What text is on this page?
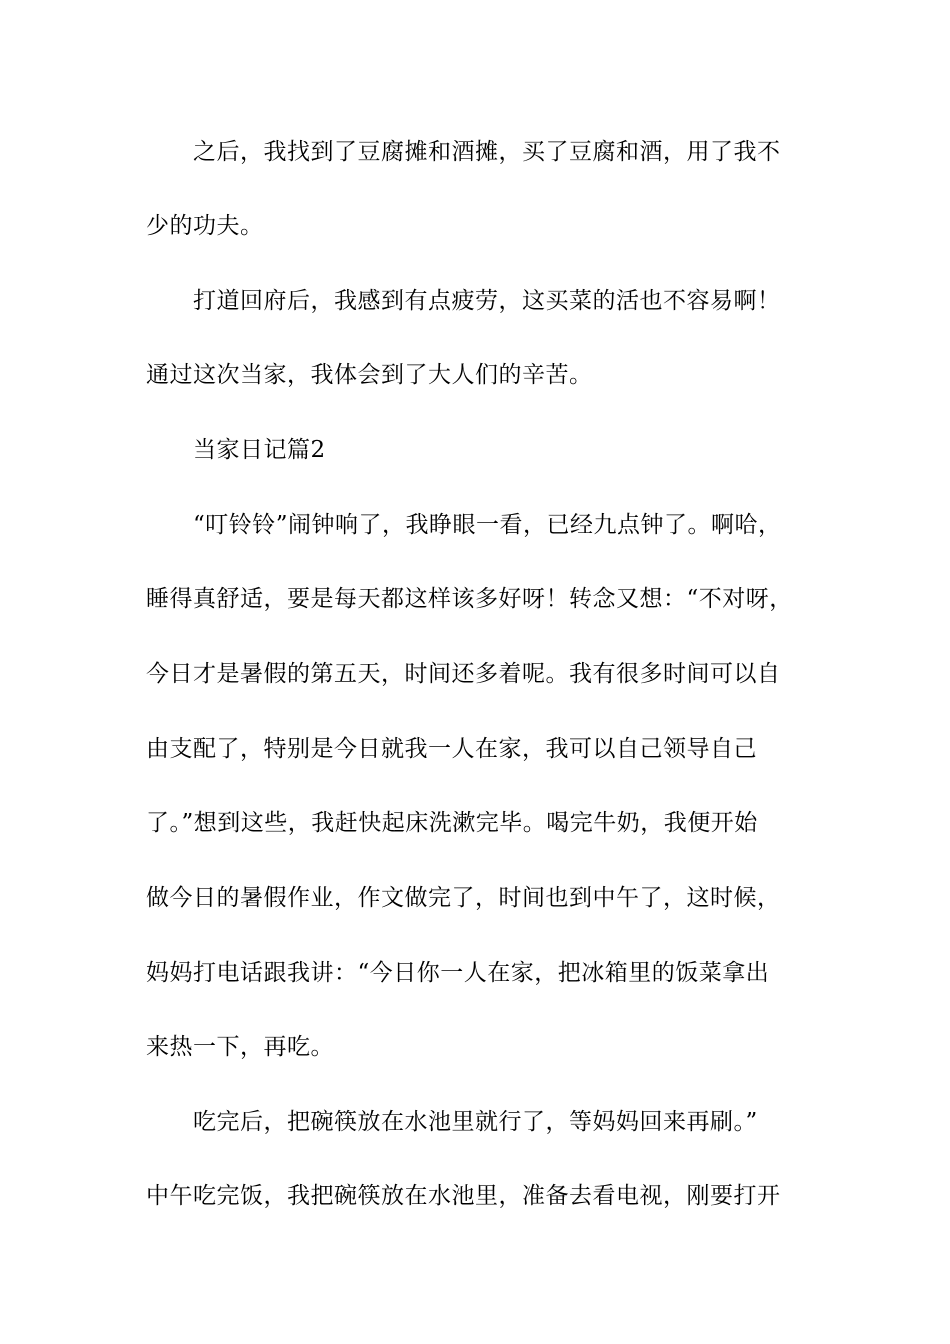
之后，我找到了豆腐摊和酒摊，买了豆腐和酒，用了我不
少的功夫。
打道回府后，我感到有点疲劳，这买菜的活也不容易啊！
通过这次当家，我体会到了大人们的辛苦。
当家日记篇2
“叮铃铃”闹钟响了，我睁眼一看，已经九点钟了。啊哈，
睡得真舒适，要是每天都这样该多好呀！转念又想：“不对呀，
今日才是暑假的第五天，时间还多着呢。我有很多时间可以自
由支配了，特别是今日就我一人在家，我可以自己领导自己
了。”想到这些，我赶快起床洗漱完毕。喝完牛奶，我便开始
做今日的暑假作业，作文做完了，时间也到中午了，这时候，
妈妈打电话跟我讲：“今日你一人在家，把冰箱里的饭菜拿出
来热一下，再吃。
吃完后，把碗筷放在水池里就行了，等妈妈回来再刷。”
中午吃完饭，我把碗筷放在水池里，准备去看电视，刚要打开
